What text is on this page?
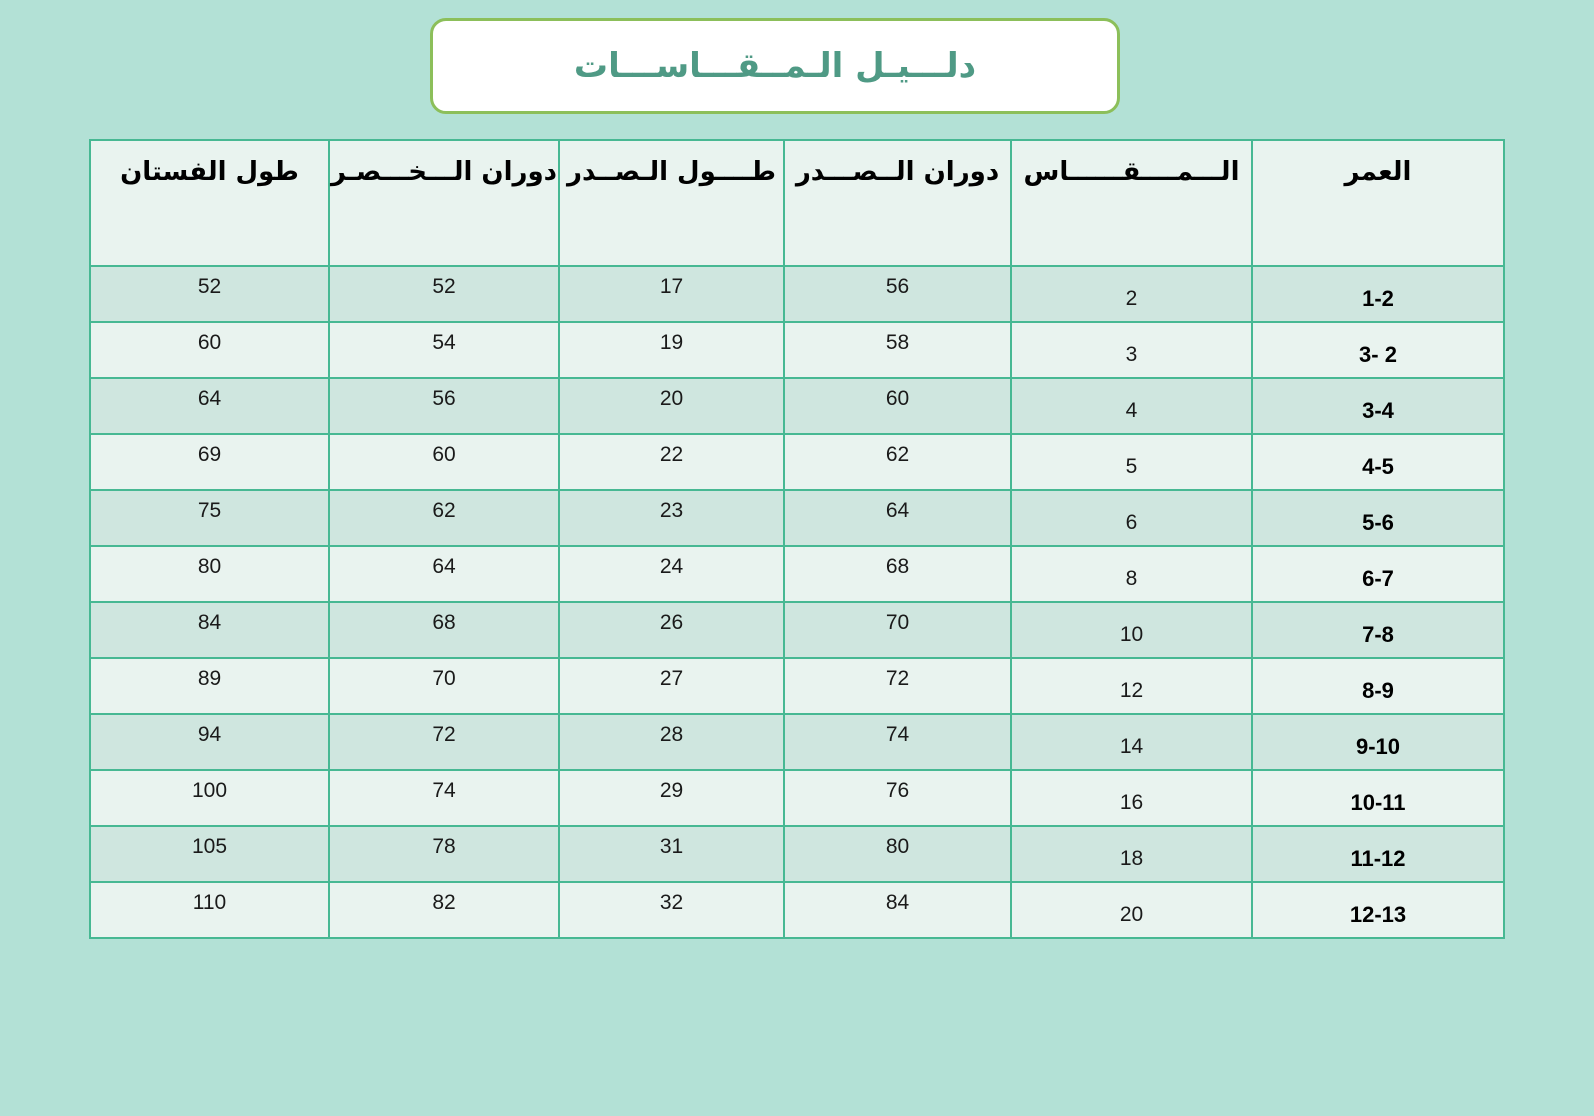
دلـــيـل الـمــقـــاســـات
العمر	الـــمــــقــــــاس	دوران الــصـــدر	طــــول الـصــدر	دوران الـــخـــصـر	طول الفستان
1-2	2	56	17	52	52
2 -3	3	58	19	54	60
3-4	4	60	20	56	64
4-5	5	62	22	60	69
5-6	6	64	23	62	75
6-7	8	68	24	64	80
7-8	10	70	26	68	84
8-9	12	72	27	70	89
9-10	14	74	28	72	94
10-11	16	76	29	74	100
11-12	18	80	31	78	105
12-13	20	84	32	82	110
